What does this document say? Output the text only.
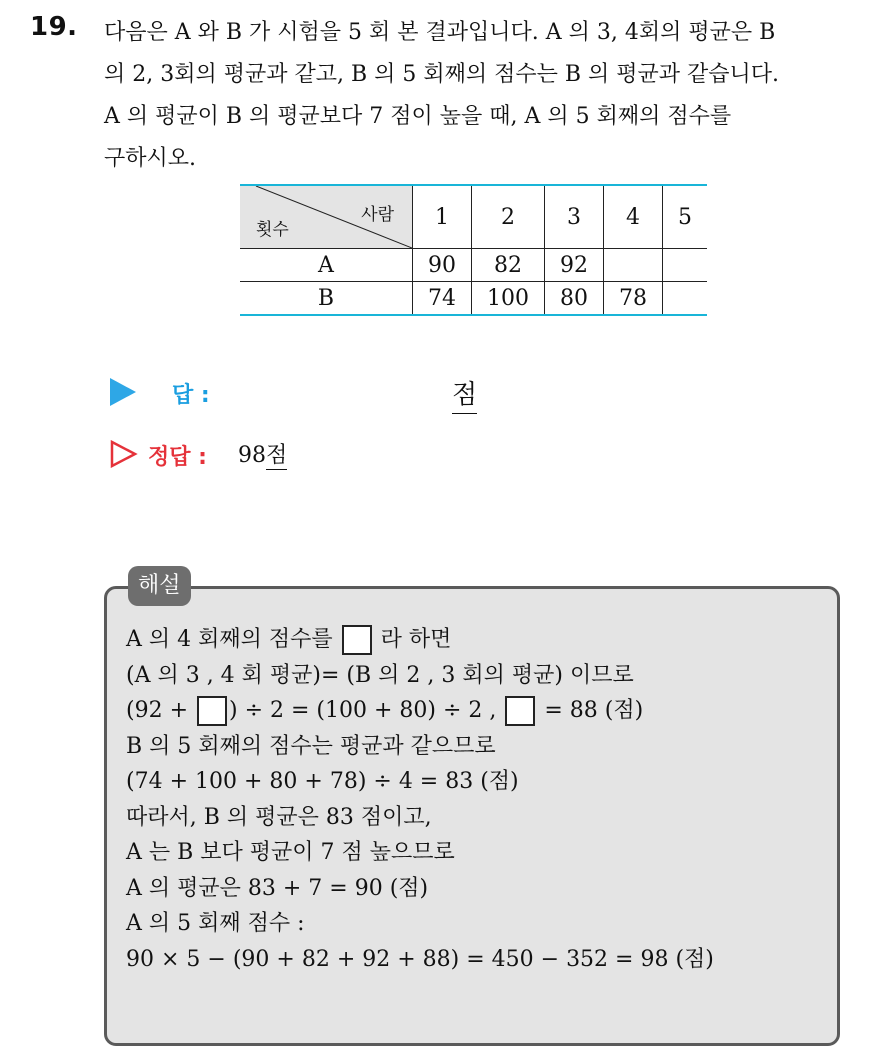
19. 다음은 A 와 B 가 시험을 5 회 본 결과입니다. A 의 3, 4회의 평균은 B
의 2, 3회의 평균과 같고, B 의 5 회째의 점수는 B 의 평균과 같습니다.
A 의 평균이 B 의 평균보다 7 점이 높을 때, A 의 5 회째의 점수를
구하시오.
사람
횟수	1	2	3	4	5
A	90	82	92		
B	74	100	80	78	
답 :	점
정답 : 98점
해설
A 의 4 회째의 점수를  라 하면
(A 의 3 , 4 회 평균)= (B 의 2 , 3 회의 평균) 이므로
(92 + ) ÷ 2 = (100 + 80) ÷ 2 ,  = 88 (점)
B 의 5 회째의 점수는 평균과 같으므로
(74 + 100 + 80 + 78) ÷ 4 = 83 (점)
따라서, B 의 평균은 83 점이고,
A 는 B 보다 평균이 7 점 높으므로
A 의 평균은 83 + 7 = 90 (점)
A 의 5 회째 점수 :
90 × 5 − (90 + 82 + 92 + 88) = 450 − 352 = 98 (점)
